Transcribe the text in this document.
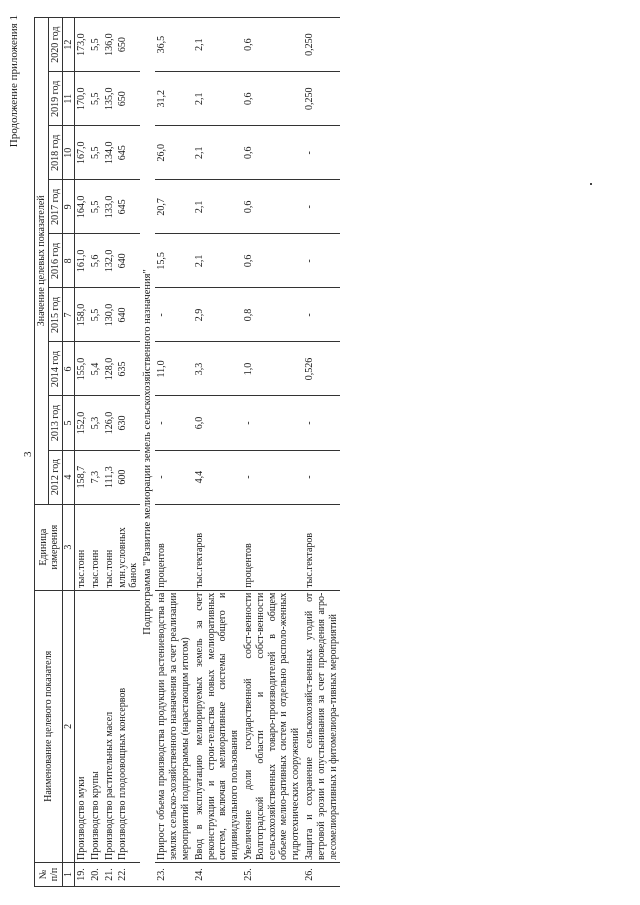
Продолжение приложения 1
3
№ п/п	Наименование целевого показателя	Единица измерения	Значение целевых показателей								
			2012 год	2013 год	2014 год	2015 год	2016 год	2017 год	2018 год	2019 год	2020 год
1	2	3	4	5	6	7	8	9	10	11	12
19.	Производство муки	тыс.тонн	158,7	152,0	155,0	158,0	161,0	164,0	167,0	170,0	173,0
20.	Производство крупы	тыс.тонн	7,3	5,3	5,4	5,5	5,6	5,5	5,5	5,5	5,5
21.	Производство растительных масел	тыс.тонн	111,3	126,0	128,0	130,0	132,0	133,0	134,0	135,0	136,0
22.	Производство плодоовощных консервов	млн.условных банок	600	630	635	640	640	645	645	650	650
Подпрограмма "Развитие мелиорации земель сельскохозяйственного назначения"											
23.	Прирост объема производства продукции растениеводства на землях сельско-хозяйственного назначения за счет реализации мероприятий подпрограммы (нарастающим итогом)	процентов	-	-	11,0	-	15,5	20,7	26,0	31,2	36,5
24.	Ввод в эксплуатацию мелиорируемых земель за счет реконструкции и строи-тельства новых мелиоративных систем, включая мелиоративные системы общего и индивидуального пользования	тыс.гектаров	4,4	6,0	3,3	2,9	2,1	2,1	2,1	2,1	2,1
25.	Увеличение доли государственной собст-венности Волгоградской области и собст-венности сельскохозяйственных товаро-производителей в общем объеме мелио-ративных систем и отдельно располо-женных гидротехнических сооружений	процентов	-	-	1,0	0,8	0,6	0,6	0,6	0,6	0,6
26.	Защита и сохранение сельскохозяйст-венных угодий от ветровой эрозии и опустынивания за счет проведения агро-лесомелиоративных и фитомелиора-тивных мероприятий	тыс.гектаров	-	-	0,526	-	-	-	-	0,250	0,250
